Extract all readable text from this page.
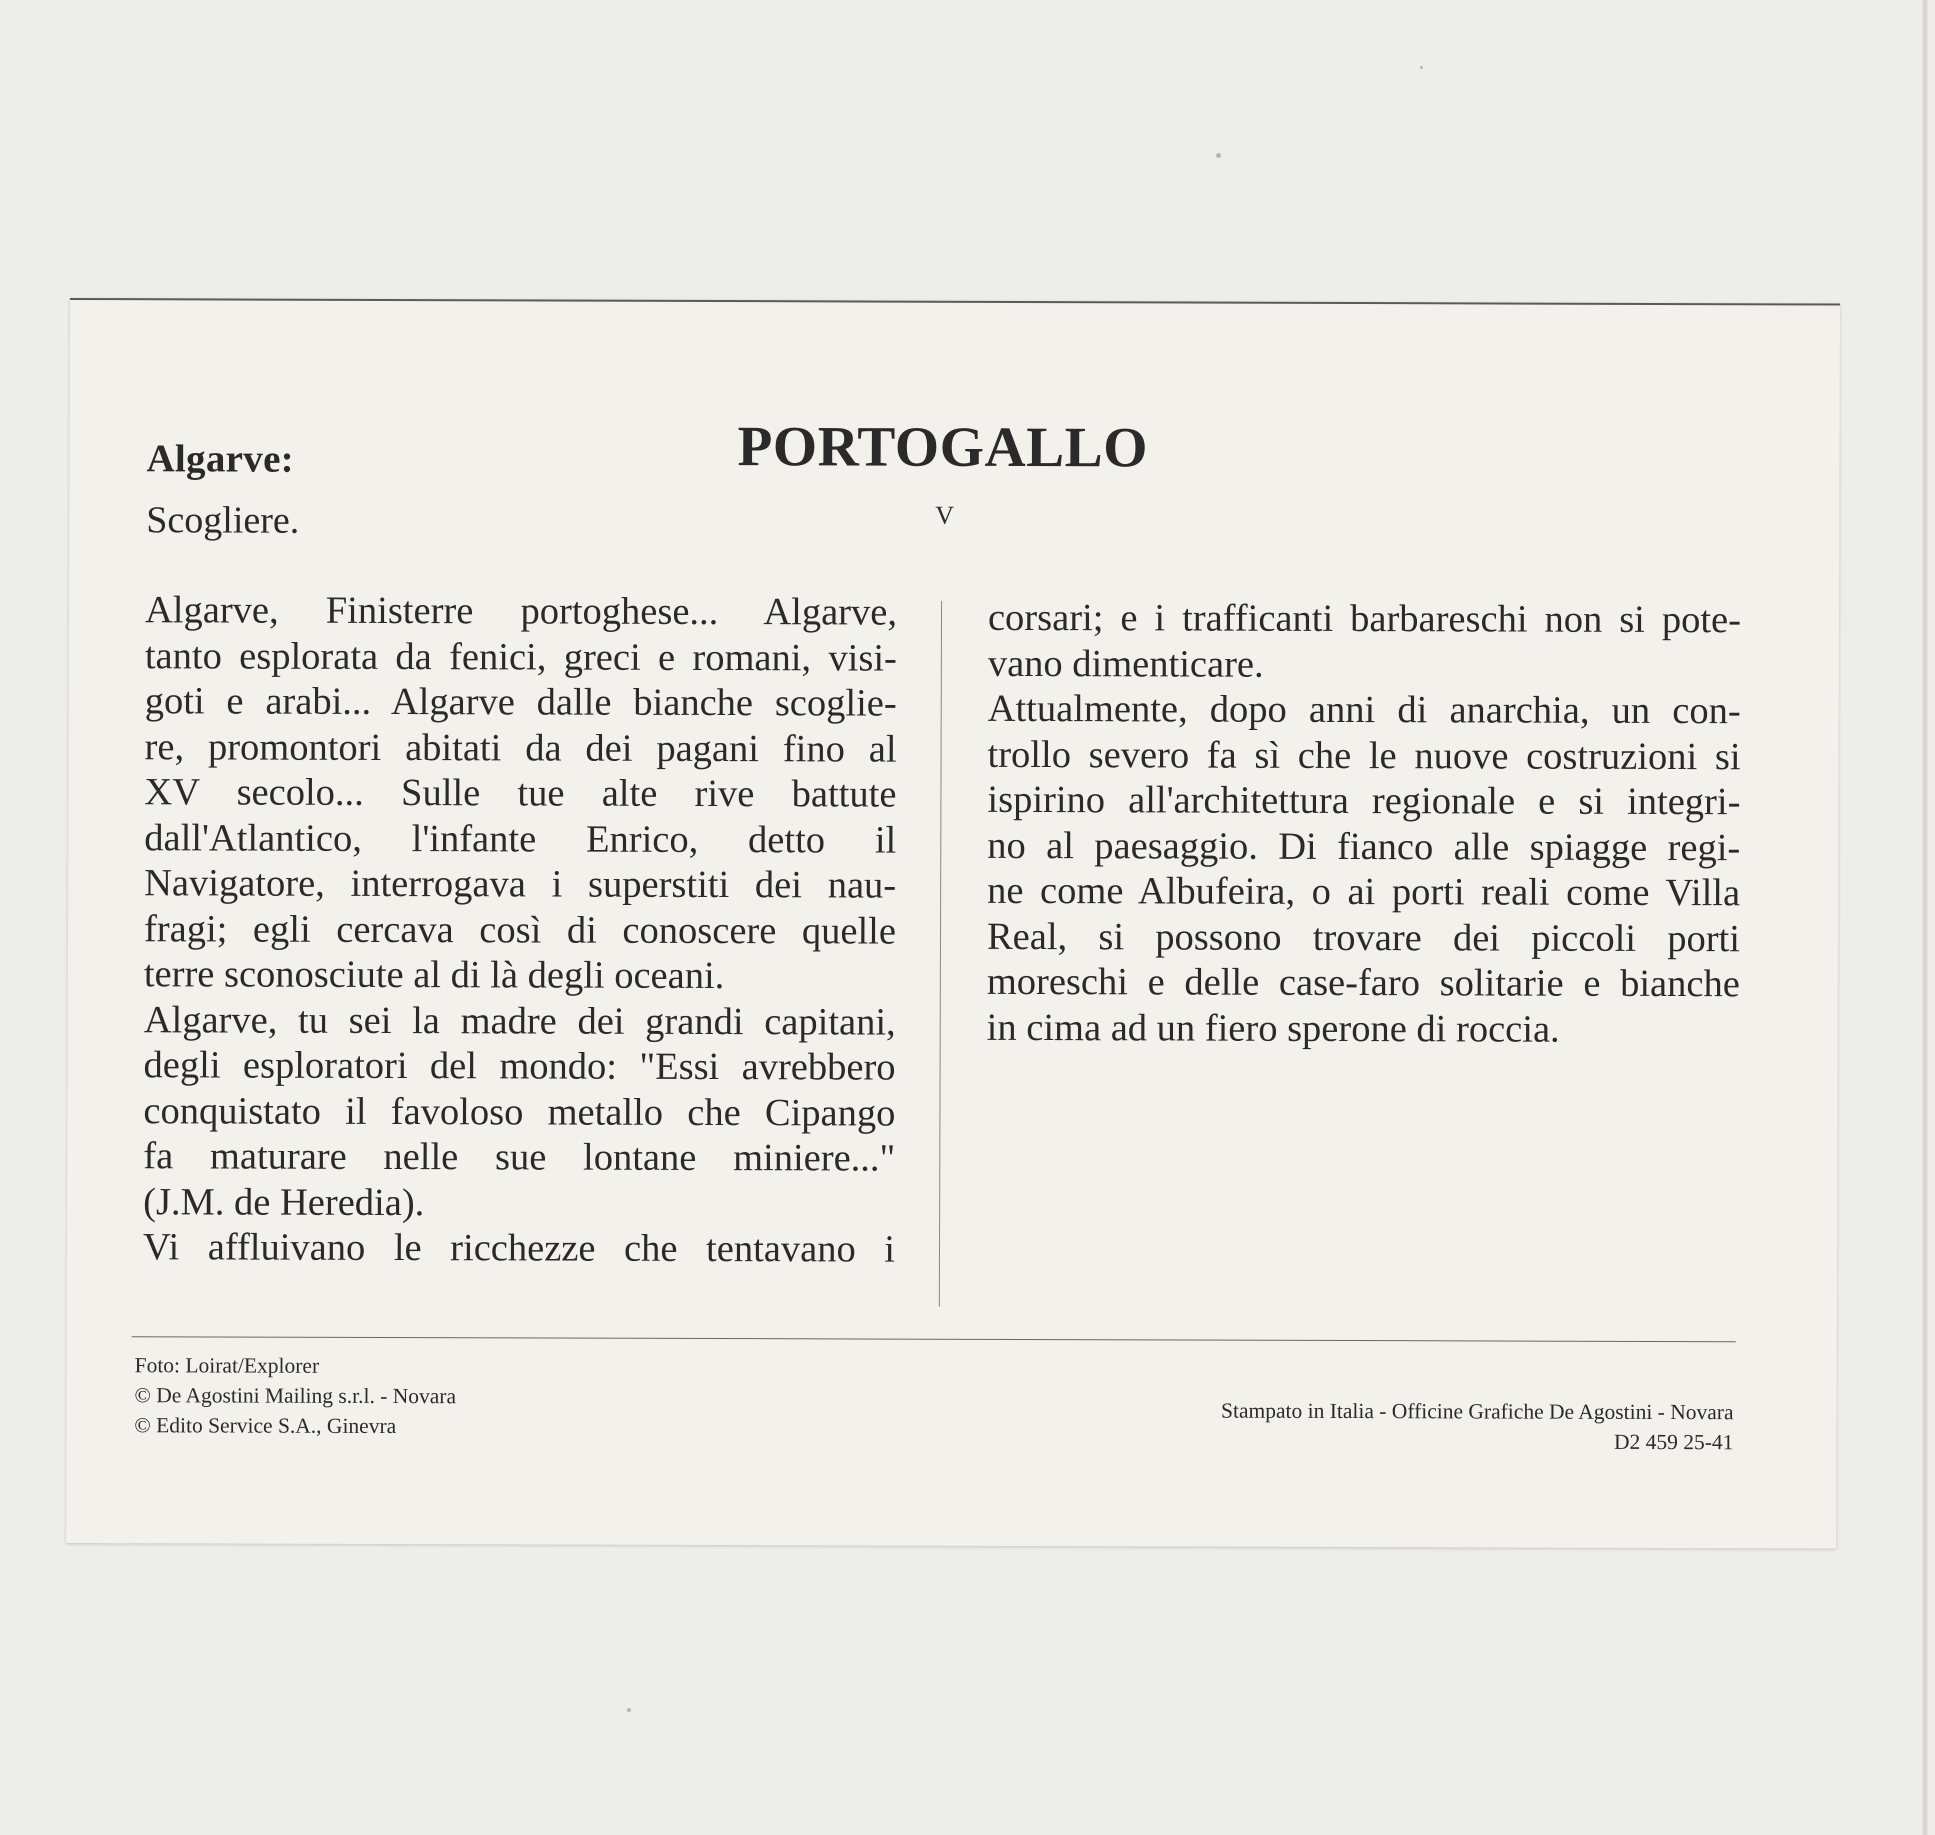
Algarve:
Scogliere.
PORTOGALLO
V
Algarve, Finisterre portoghese... Algarve,
tanto esplorata da fenici, greci e romani, visi-
goti e arabi... Algarve dalle bianche scoglie-
re, promontori abitati da dei pagani fino al
XV secolo... Sulle tue alte rive battute
dall'Atlantico, l'infante Enrico, detto il
Navigatore, interrogava i superstiti dei nau-
fragi; egli cercava così di conoscere quelle
terre sconosciute al di là degli oceani.
Algarve, tu sei la madre dei grandi capitani,
degli esploratori del mondo: "Essi avrebbero
conquistato il favoloso metallo che Cipango
fa maturare nelle sue lontane miniere..."
(J.M. de Heredia).
Vi affluivano le ricchezze che tentavano i
corsari; e i trafficanti barbareschi non si pote-
vano dimenticare.
Attualmente, dopo anni di anarchia, un con-
trollo severo fa sì che le nuove costruzioni si
ispirino all'architettura regionale e si integri-
no al paesaggio. Di fianco alle spiagge regi-
ne come Albufeira, o ai porti reali come Villa
Real, si possono trovare dei piccoli porti
moreschi e delle case-faro solitarie e bianche
in cima ad un fiero sperone di roccia.
Foto: Loirat/Explorer
© De Agostini Mailing s.r.l. - Novara
© Edito Service S.A., Ginevra
Stampato in Italia - Officine Grafiche De Agostini - Novara
D2 459 25-41
